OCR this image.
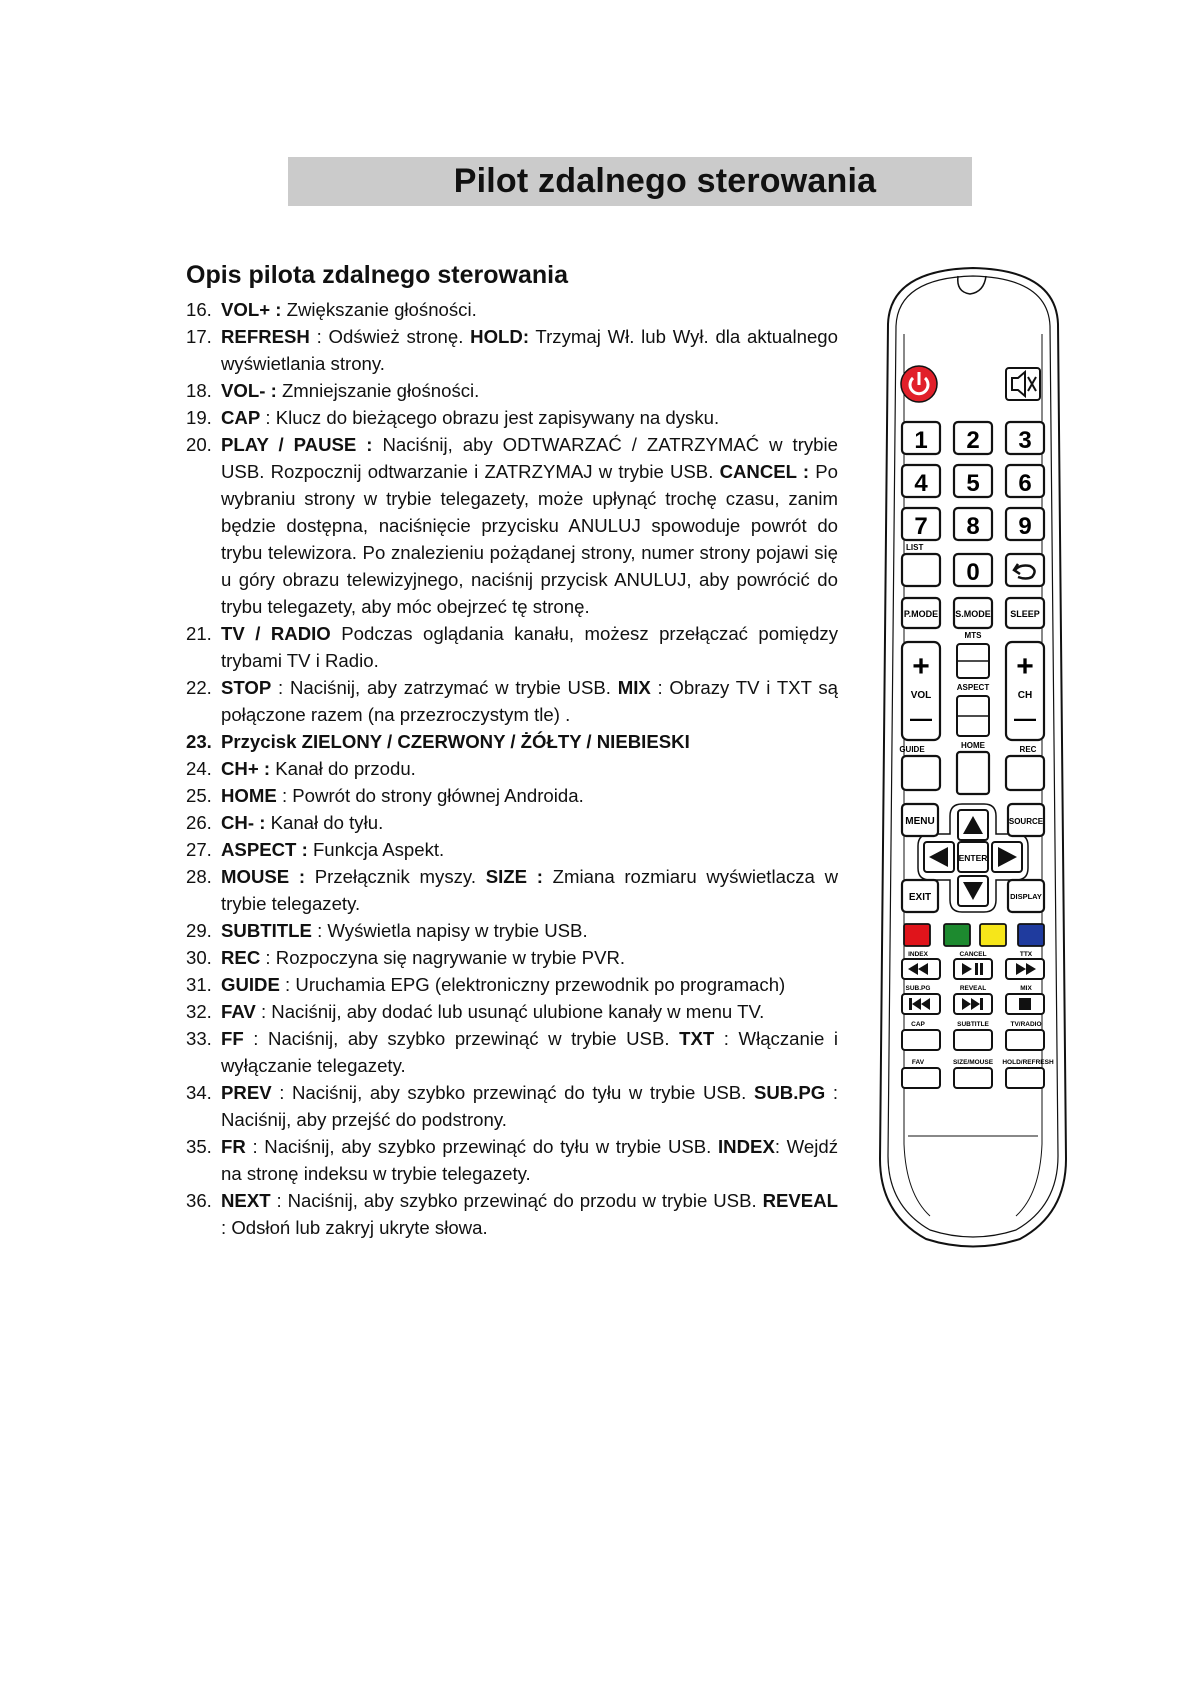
Pilot zdalnego sterowania
Opis pilota zdalnego sterowania
16. VOL+ : Zwiększanie głośności.
17. REFRESH : Odśwież stronę. HOLD: Trzymaj Wł. lub Wył. dla aktualnego wyświetlania strony.
18. VOL- : Zmniejszanie głośności.
19. CAP : Klucz do bieżącego obrazu jest zapisywany na dysku.
20. PLAY / PAUSE : Naciśnij, aby ODTWARZAĆ / ZATRZYMAĆ w trybie USB. Rozpocznij odtwarzanie i ZATRZYMAJ w trybie USB. CANCEL : Po wybraniu strony w trybie telegazety, może upłynąć trochę czasu, zanim będzie dostępna, naciśnięcie przycisku ANULUJ spowoduje powrót do trybu telewizora. Po znalezieniu pożądanej strony, numer strony pojawi się u góry obrazu telewizyjnego, naciśnij przycisk ANULUJ, aby powrócić do trybu telegazety, aby móc obejrzeć tę stronę.
21. TV / RADIO Podczas oglądania kanału, możesz przełączać pomiędzy trybami TV i Radio.
22. STOP : Naciśnij, aby zatrzymać w trybie USB. MIX : Obrazy TV i TXT są połączone razem (na przezroczystym tle) .
23. Przycisk ZIELONY / CZERWONY / ŻÓŁTY / NIEBIESKI
24. CH+ : Kanał do przodu.
25. HOME : Powrót do strony głównej Androida.
26. CH- : Kanał do tyłu.
27. ASPECT : Funkcja Aspekt.
28. MOUSE : Przełącznik myszy. SIZE : Zmiana rozmiaru wyświetlacza w trybie telegazety.
29. SUBTITLE : Wyświetla napisy w trybie USB.
30. REC : Rozpoczyna się nagrywanie w trybie PVR.
31. GUIDE : Uruchamia EPG (elektroniczny przewodnik po programach)
32. FAV : Naciśnij, aby dodać lub usunąć ulubione kanały w menu TV.
33. FF : Naciśnij, aby szybko przewinąć w trybie USB. TXT : Włączanie i wyłączanie telegazety.
34. PREV : Naciśnij, aby szybko przewinąć do tyłu w trybie USB. SUB.PG : Naciśnij, aby przejść do podstrony.
35. FR : Naciśnij, aby szybko przewinąć do tyłu w trybie USB. INDEX: Wejdź na stronę indeksu w trybie telegazety.
36. NEXT : Naciśnij, aby szybko przewinąć do przodu w trybie USB. REVEAL : Odsłoń lub zakryj ukryte słowa.
1 2 3
4 5 6
7 8 9
LIST
0
P.MODE S.MODE SLEEP
MTS
+
VOL
—
ASPECT
+
CH
—
GUIDE	HOME	REC
MENU	SOURCE
ENTER
EXIT	DISPLAY
INDEX	CANCEL	TTX
SUB.PG	REVEAL	MIX
CAP	SUBTITLE	TV/RADIO
FAV	SIZE/MOUSE HOLD/REFRESH
